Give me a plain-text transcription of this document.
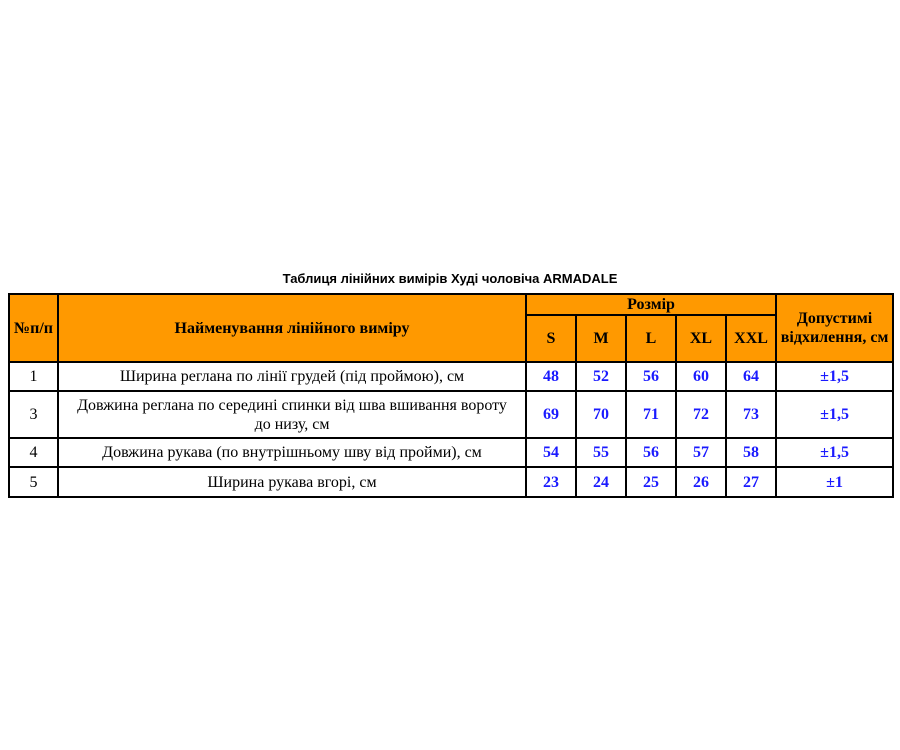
Таблиця лінійних вимірів Худі чоловіча ARMADALE
№п/п	Найменування лінійного виміру	Розмір					Допустимі відхилення, см
		S	M	L	XL	XXL	
1	Ширина реглана по лінії грудей (під проймою), см	48	52	56	60	64	±1,5
3	Довжина реглана по середині спинки від шва вшивання вороту до низу, см	69	70	71	72	73	±1,5
4	Довжина рукава (по внутрішньому шву від пройми), см	54	55	56	57	58	±1,5
5	Ширина рукава вгорі, см	23	24	25	26	27	±1
